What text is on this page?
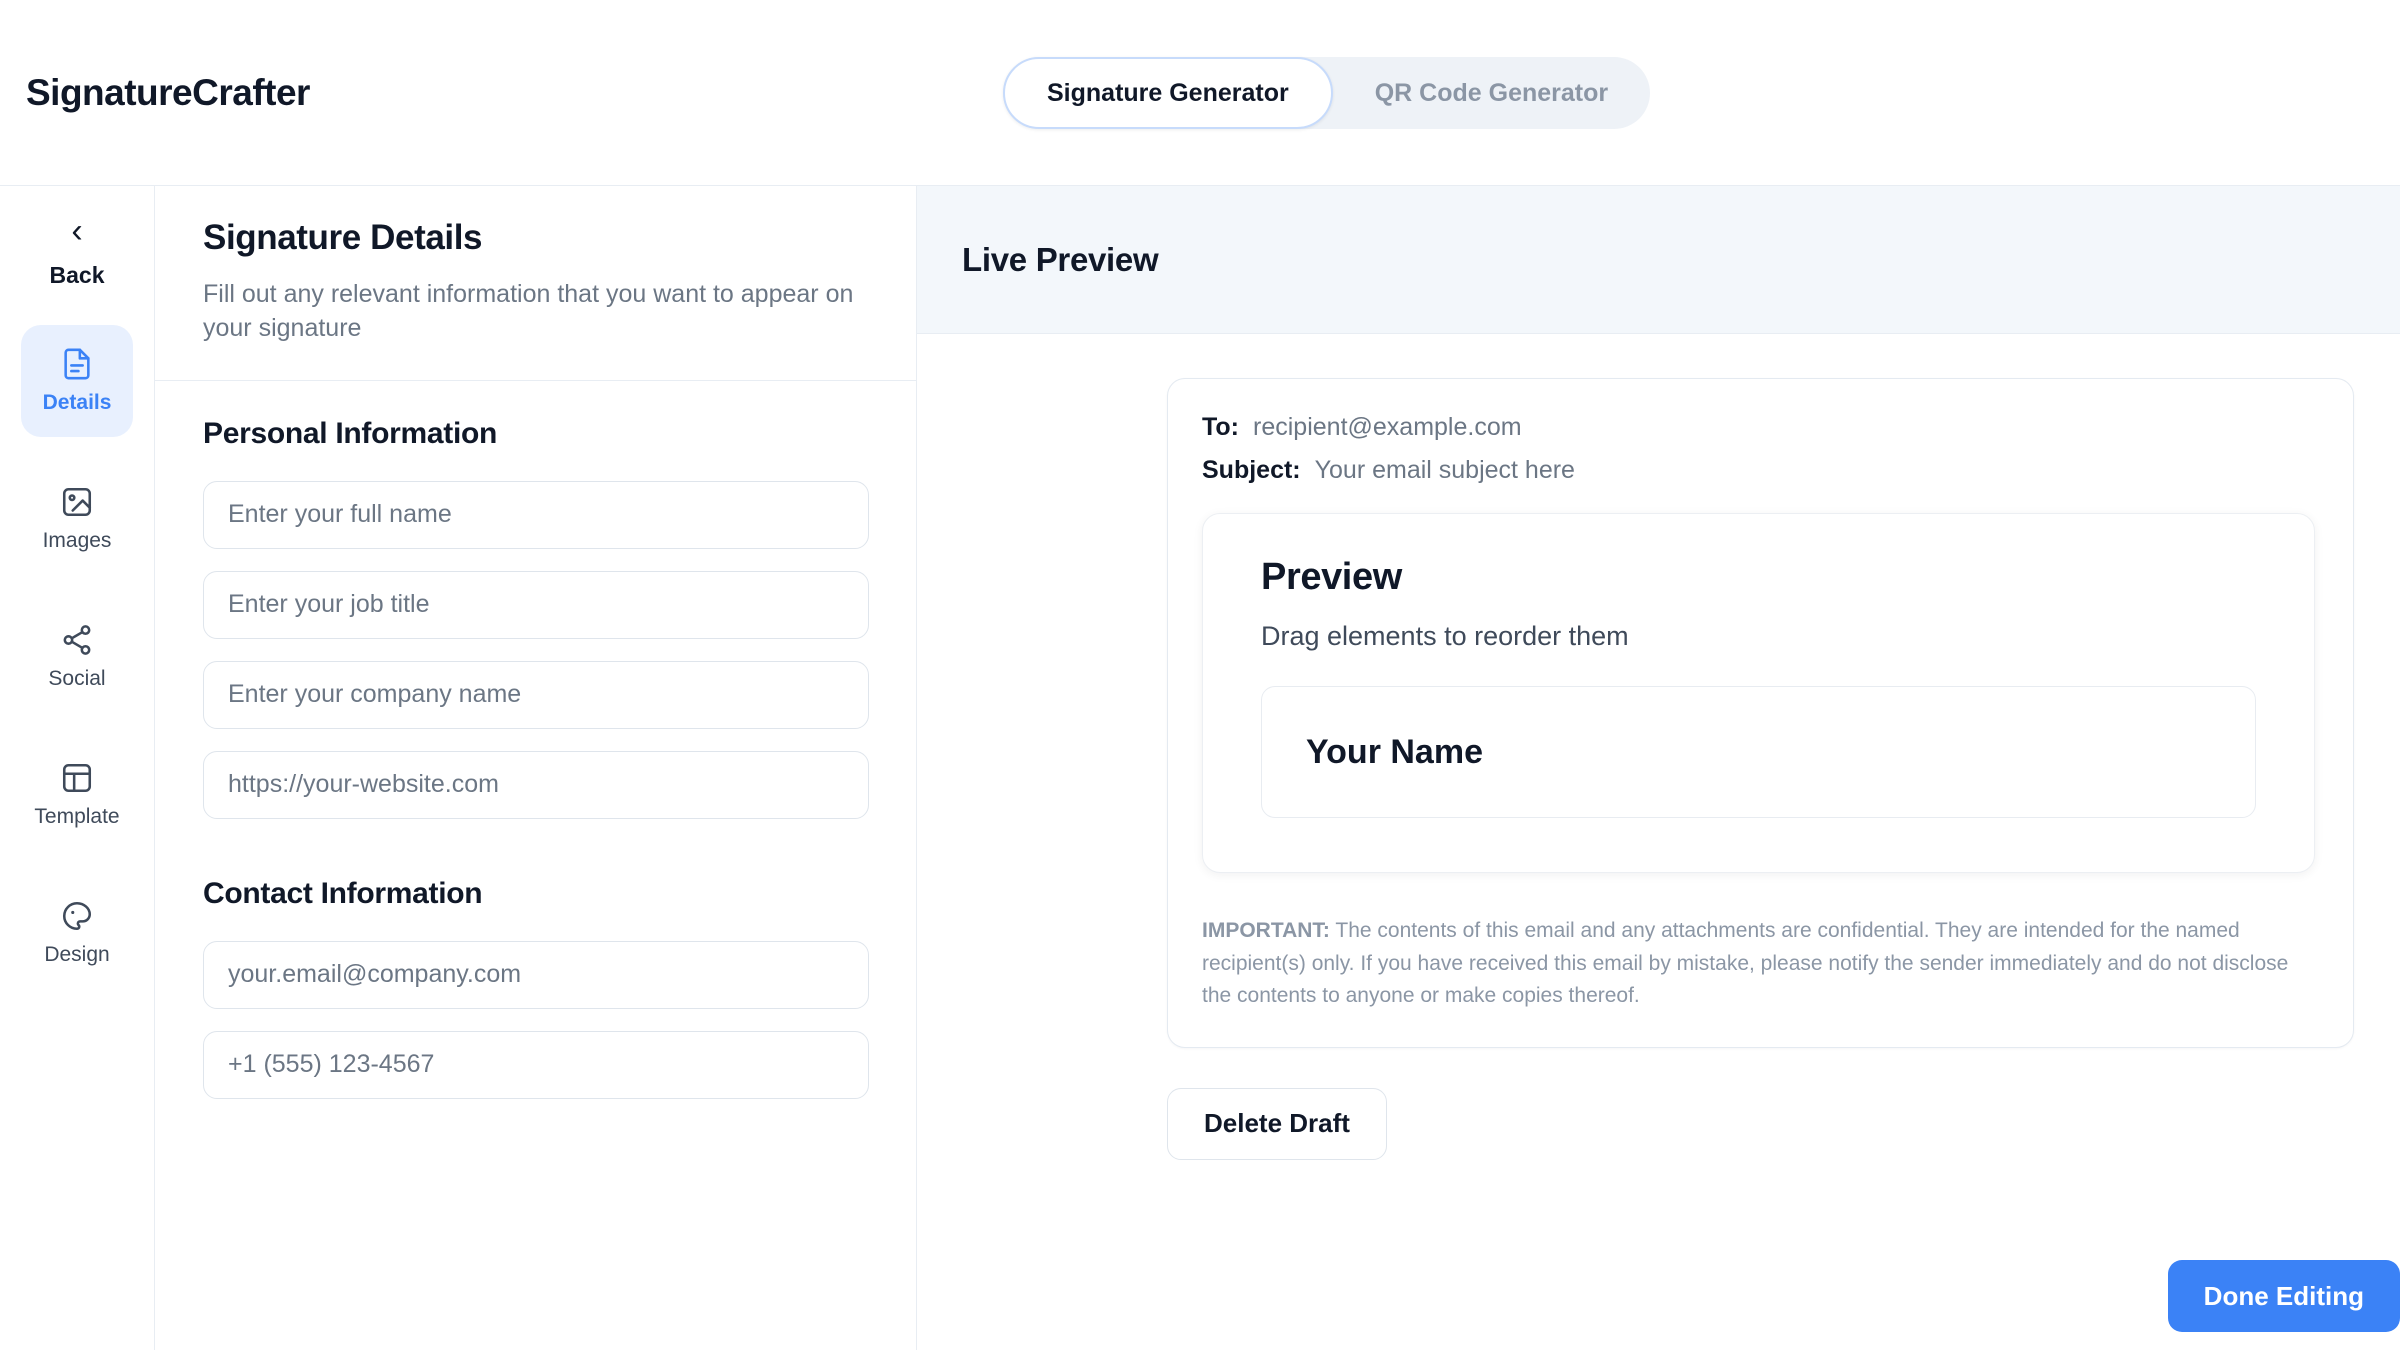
SignatureCrafter	Signature Generator	QR Code Generator
‹
Back
Details
Images
Social
Template
Design
Signature Details
Fill out any relevant information that you want to appear on your signature
Personal Information
Enter your full name Enter your job title Enter your company name https://your-website.com
Contact Information
your.email@company.com +1 (555) 123-4567
Live Preview
To: recipient@example.com
Subject: Your email subject here
Preview
Drag elements to reorder them
Your Name
IMPORTANT: The contents of this email and any attachments are confidential. They are intended for the named recipient(s) only. If you have received this email by mistake, please notify the sender immediately and do not disclose the contents to anyone or make copies thereof.
Delete Draft
Done Editing
